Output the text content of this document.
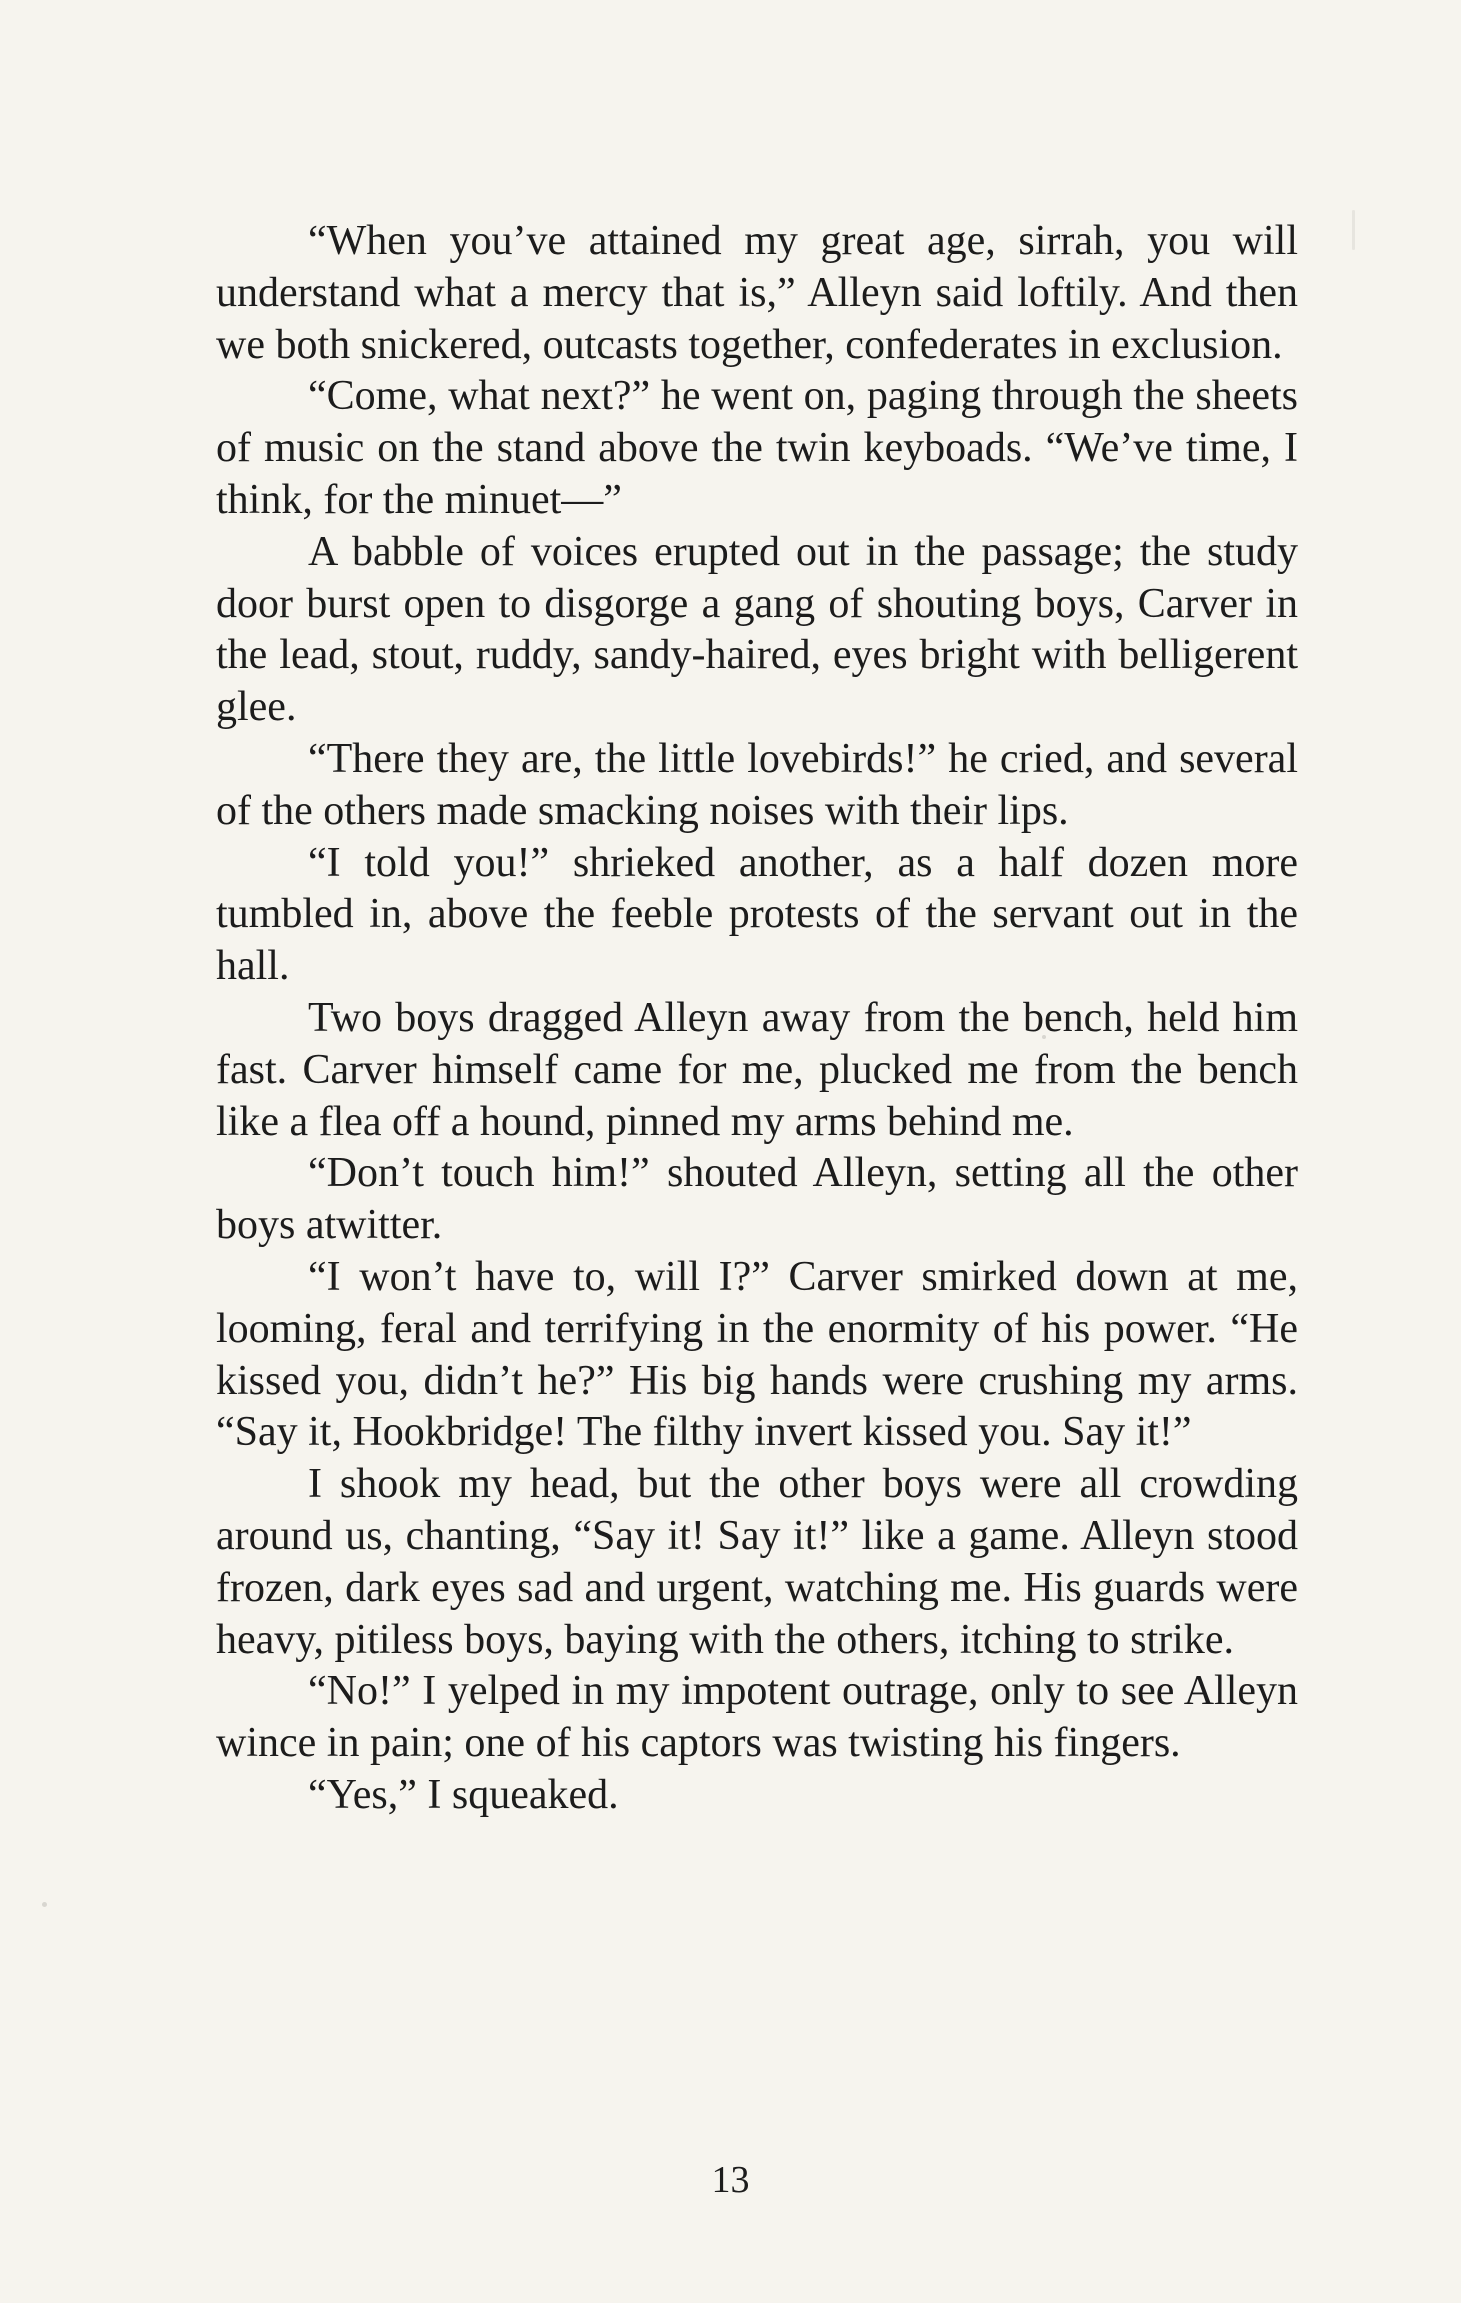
“When you’ve attained my great age, sirrah, you will understand what a mercy that is,” Alleyn said loftily. And then we both snickered, outcasts together, confederates in exclusion.

“Come, what next?” he went on, paging through the sheets of music on the stand above the twin keyboads. “We’ve time, I think, for the minuet—”

A babble of voices erupted out in the passage; the study door burst open to disgorge a gang of shouting boys, Carver in the lead, stout, ruddy, sandy-haired, eyes bright with belligerent glee.

“There they are, the little lovebirds!” he cried, and several of the others made smacking noises with their lips.

“I told you!” shrieked another, as a half dozen more tumbled in, above the feeble protests of the servant out in the hall.

Two boys dragged Alleyn away from the bench, held him fast. Carver himself came for me, plucked me from the bench like a flea off a hound, pinned my arms behind me.

“Don’t touch him!” shouted Alleyn, setting all the other boys atwitter.

“I won’t have to, will I?” Carver smirked down at me, looming, feral and terrifying in the enormity of his power. “He kissed you, didn’t he?” His big hands were crushing my arms. “Say it, Hookbridge! The filthy invert kissed you. Say it!”

I shook my head, but the other boys were all crowding around us, chanting, “Say it! Say it!” like a game. Alleyn stood frozen, dark eyes sad and urgent, watching me. His guards were heavy, pitiless boys, baying with the others, itching to strike.

“No!” I yelped in my impotent outrage, only to see Alleyn wince in pain; one of his captors was twisting his fingers.

“Yes,” I squeaked.

13
